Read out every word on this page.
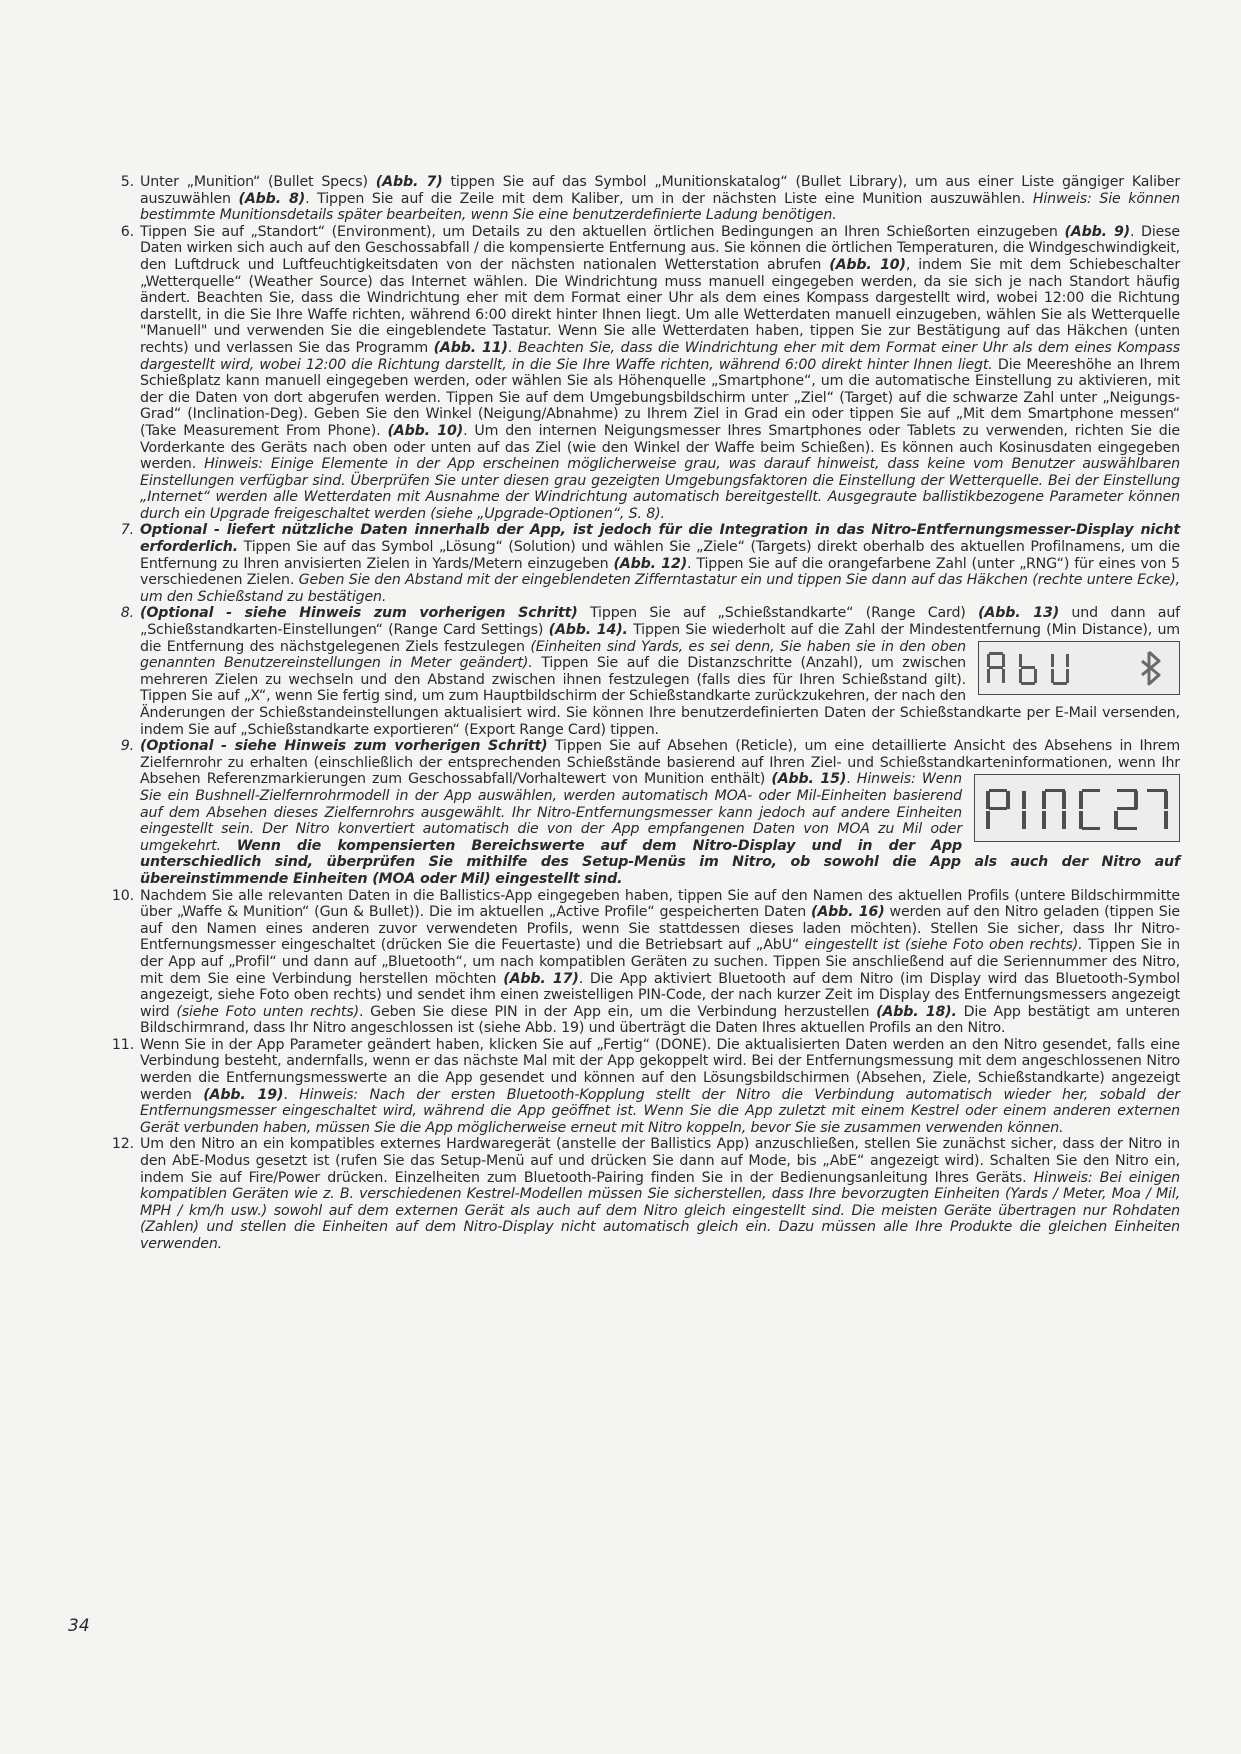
5. Unter „Munition“ (Bullet Specs) (Abb. 7) tippen Sie auf das Symbol „Munitionskatalog“ (Bullet Library), um aus einer Liste gängiger Kaliber auszuwählen (Abb. 8). Tippen Sie auf die Zeile mit dem Kaliber, um in der nächsten Liste eine Munition auszuwählen. Hinweis: Sie können bestimmte Munitionsdetails später bearbeiten, wenn Sie eine benutzerdefinierte Ladung benötigen.
6. Tippen Sie auf „Standort“ (Environment), um Details zu den aktuellen örtlichen Bedingungen an Ihren Schießorten einzugeben (Abb. 9). Diese Daten wirken sich auch auf den Geschossabfall / die kompensierte Entfernung aus. Sie können die örtlichen Temperaturen, die Windgeschwindigkeit, den Luftdruck und Luftfeuchtigkeitsdaten von der nächsten nationalen Wetterstation abrufen (Abb. 10), indem Sie mit dem Schiebeschalter „Wetterquelle“ (Weather Source) das Internet wählen. Die Windrichtung muss manuell eingegeben werden, da sie sich je nach Standort häufig ändert. Beachten Sie, dass die Windrichtung eher mit dem Format einer Uhr als dem eines Kompass dargestellt wird, wobei 12:00 die Richtung darstellt, in die Sie Ihre Waffe richten, während 6:00 direkt hinter Ihnen liegt. Um alle Wetterdaten manuell einzugeben, wählen Sie als Wetterquelle "Manuell" und verwenden Sie die eingeblendete Tastatur. Wenn Sie alle Wetterdaten haben, tippen Sie zur Bestätigung auf das Häkchen (unten rechts) und verlassen Sie das Programm (Abb. 11). Beachten Sie, dass die Windrichtung eher mit dem Format einer Uhr als dem eines Kompass dargestellt wird, wobei 12:00 die Richtung darstellt, in die Sie Ihre Waffe richten, während 6:00 direkt hinter Ihnen liegt. Die Meereshöhe an Ihrem Schießplatz kann manuell eingegeben werden, oder wählen Sie als Höhenquelle „Smartphone“, um die automatische Einstellung zu aktivieren, mit der die Daten von dort abgerufen werden. Tippen Sie auf dem Umgebungsbildschirm unter „Ziel“ (Target) auf die schwarze Zahl unter „Neigungs-Grad“ (Inclination-Deg). Geben Sie den Winkel (Neigung/Abnahme) zu Ihrem Ziel in Grad ein oder tippen Sie auf „Mit dem Smartphone messen“ (Take Measurement From Phone). (Abb. 10). Um den internen Neigungsmesser Ihres Smartphones oder Tablets zu verwenden, richten Sie die Vorderkante des Geräts nach oben oder unten auf das Ziel (wie den Winkel der Waffe beim Schießen). Es können auch Kosinusdaten eingegeben werden. Hinweis: Einige Elemente in der App erscheinen möglicherweise grau, was darauf hinweist, dass keine vom Benutzer auswählbaren Einstellungen verfügbar sind. Überprüfen Sie unter diesen grau gezeigten Umgebungsfaktoren die Einstellung der Wetterquelle. Bei der Einstellung „Internet“ werden alle Wetterdaten mit Ausnahme der Windrichtung automatisch bereitgestellt. Ausgegraute ballistikbezogene Parameter können durch ein Upgrade freigeschaltet werden (siehe „Upgrade-Optionen“, S. 8).
7. Optional - liefert nützliche Daten innerhalb der App, ist jedoch für die Integration in das Nitro-Entfernungsmesser-Display nicht erforderlich. Tippen Sie auf das Symbol „Lösung“ (Solution) und wählen Sie „Ziele“ (Targets) direkt oberhalb des aktuellen Profilnamens, um die Entfernung zu Ihren anvisierten Zielen in Yards/Metern einzugeben (Abb. 12). Tippen Sie auf die orangefarbene Zahl (unter „RNG“) für eines von 5 verschiedenen Zielen. Geben Sie den Abstand mit der eingeblendeten Zifferntastatur ein und tippen Sie dann auf das Häkchen (rechte untere Ecke), um den Schießstand zu bestätigen.
8. (Optional - siehe Hinweis zum vorherigen Schritt) Tippen Sie auf „Schießstandkarte“ (Range Card) (Abb. 13) und dann auf „Schießstandkarten-Einstellungen“ (Range Card Settings) (Abb. 14). Tippen Sie wiederholt auf die Zahl der Mindestentfernung (Min Distance), um die Entfernung des nächstgelegenen Ziels festzulegen
(Einheiten sind Yards, es sei denn, Sie haben sie in den oben genannten Benutzereinstellungen in Meter geändert). Tippen Sie auf die Distanzschritte (Anzahl), um zwischen mehreren Zielen zu wechseln und den Abstand zwischen ihnen festzulegen (falls dies für Ihren Schießstand gilt). Tippen Sie auf „X“, wenn Sie fertig sind, um zum Hauptbildschirm der Schießstandkarte zurückzukehren, der nach den Änderungen der Schießstandeinstellungen aktualisiert wird. Sie können Ihre benutzerdefinierten Daten der Schießstandkarte per E-Mail versenden, indem Sie auf „Schießstandkarte exportieren“ (Export Range Card) tippen.
9. (Optional - siehe Hinweis zum vorherigen Schritt) Tippen Sie auf Absehen (Reticle), um eine detaillierte Ansicht des Absehens in Ihrem Zielfernrohr zu erhalten (einschließlich der entsprechenden Schießstände basierend auf Ihren Ziel- und Schießstandkarteninformationen, wenn Ihr Absehen Referenzmarkierungen zum Geschossabfall/Vorhaltewert von Munition enthält) (Abb. 15)
. Hinweis: Wenn Sie ein Bushnell-Zielfernrohrmodell in der App auswählen, werden automatisch MOA- oder Mil-Einheiten basierend auf dem Absehen dieses Zielfernrohrs ausgewählt. Ihr Nitro-Entfernungsmesser kann jedoch auf andere Einheiten eingestellt sein. Der Nitro konvertiert automatisch die von der App empfangenen Daten von MOA zu Mil oder umgekehrt. Wenn die kompensierten Bereichswerte auf dem Nitro-Display und in der App unterschiedlich sind, überprüfen Sie mithilfe des Setup-Menüs im Nitro, ob sowohl die App als auch der Nitro auf übereinstimmende Einheiten (MOA oder Mil) eingestellt sind.
10. Nachdem Sie alle relevanten Daten in die Ballistics-App eingegeben haben, tippen Sie auf den Namen des aktuellen Profils (untere Bildschirmmitte über „Waffe & Munition“ (Gun & Bullet)). Die im aktuellen „Active Profile“ gespeicherten Daten (Abb. 16) werden auf den Nitro geladen (tippen Sie auf den Namen eines anderen zuvor verwendeten Profils, wenn Sie stattdessen dieses laden möchten). Stellen Sie sicher, dass Ihr Nitro-Entfernungsmesser eingeschaltet (drücken Sie die Feuertaste) und die Betriebsart auf „AbU“ eingestellt ist (siehe Foto oben rechts). Tippen Sie in der App auf „Profil“ und dann auf „Bluetooth“, um nach kompatiblen Geräten zu suchen. Tippen Sie anschließend auf die Seriennummer des Nitro, mit dem Sie eine Verbindung herstellen möchten (Abb. 17). Die App aktiviert Bluetooth auf dem Nitro (im Display wird das Bluetooth-Symbol angezeigt, siehe Foto oben rechts) und sendet ihm einen zweistelligen PIN-Code, der nach kurzer Zeit im Display des Entfernungsmessers angezeigt wird (siehe Foto unten rechts). Geben Sie diese PIN in der App ein, um die Verbindung herzustellen (Abb. 18). Die App bestätigt am unteren Bildschirmrand, dass Ihr Nitro angeschlossen ist (siehe Abb. 19) und überträgt die Daten Ihres aktuellen Profils an den Nitro.
11. Wenn Sie in der App Parameter geändert haben, klicken Sie auf „Fertig“ (DONE). Die aktualisierten Daten werden an den Nitro gesendet, falls eine Verbindung besteht, andernfalls, wenn er das nächste Mal mit der App gekoppelt wird. Bei der Entfernungsmessung mit dem angeschlossenen Nitro werden die Entfernungsmesswerte an die App gesendet und können auf den Lösungsbildschirmen (Absehen, Ziele, Schießstandkarte) angezeigt werden (Abb. 19). Hinweis: Nach der ersten Bluetooth-Kopplung stellt der Nitro die Verbindung automatisch wieder her, sobald der Entfernungsmesser eingeschaltet wird, während die App geöffnet ist. Wenn Sie die App zuletzt mit einem Kestrel oder einem anderen externen Gerät verbunden haben, müssen Sie die App möglicherweise erneut mit Nitro koppeln, bevor Sie sie zusammen verwenden können.
12. Um den Nitro an ein kompatibles externes Hardwaregerät (anstelle der Ballistics App) anzuschließen, stellen Sie zunächst sicher, dass der Nitro in den AbE-Modus gesetzt ist (rufen Sie das Setup-Menü auf und drücken Sie dann auf Mode, bis „AbE“ angezeigt wird). Schalten Sie den Nitro ein, indem Sie auf Fire/Power drücken. Einzelheiten zum Bluetooth-Pairing finden Sie in der Bedienungsanleitung Ihres Geräts. Hinweis: Bei einigen kompatiblen Geräten wie z. B. verschiedenen Kestrel-Modellen müssen Sie sicherstellen, dass Ihre bevorzugten Einheiten (Yards / Meter, Moa / Mil, MPH / km/h usw.) sowohl auf dem externen Gerät als auch auf dem Nitro gleich eingestellt sind. Die meisten Geräte übertragen nur Rohdaten (Zahlen) und stellen die Einheiten auf dem Nitro-Display nicht automatisch gleich ein. Dazu müssen alle Ihre Produkte die gleichen Einheiten verwenden.
34
